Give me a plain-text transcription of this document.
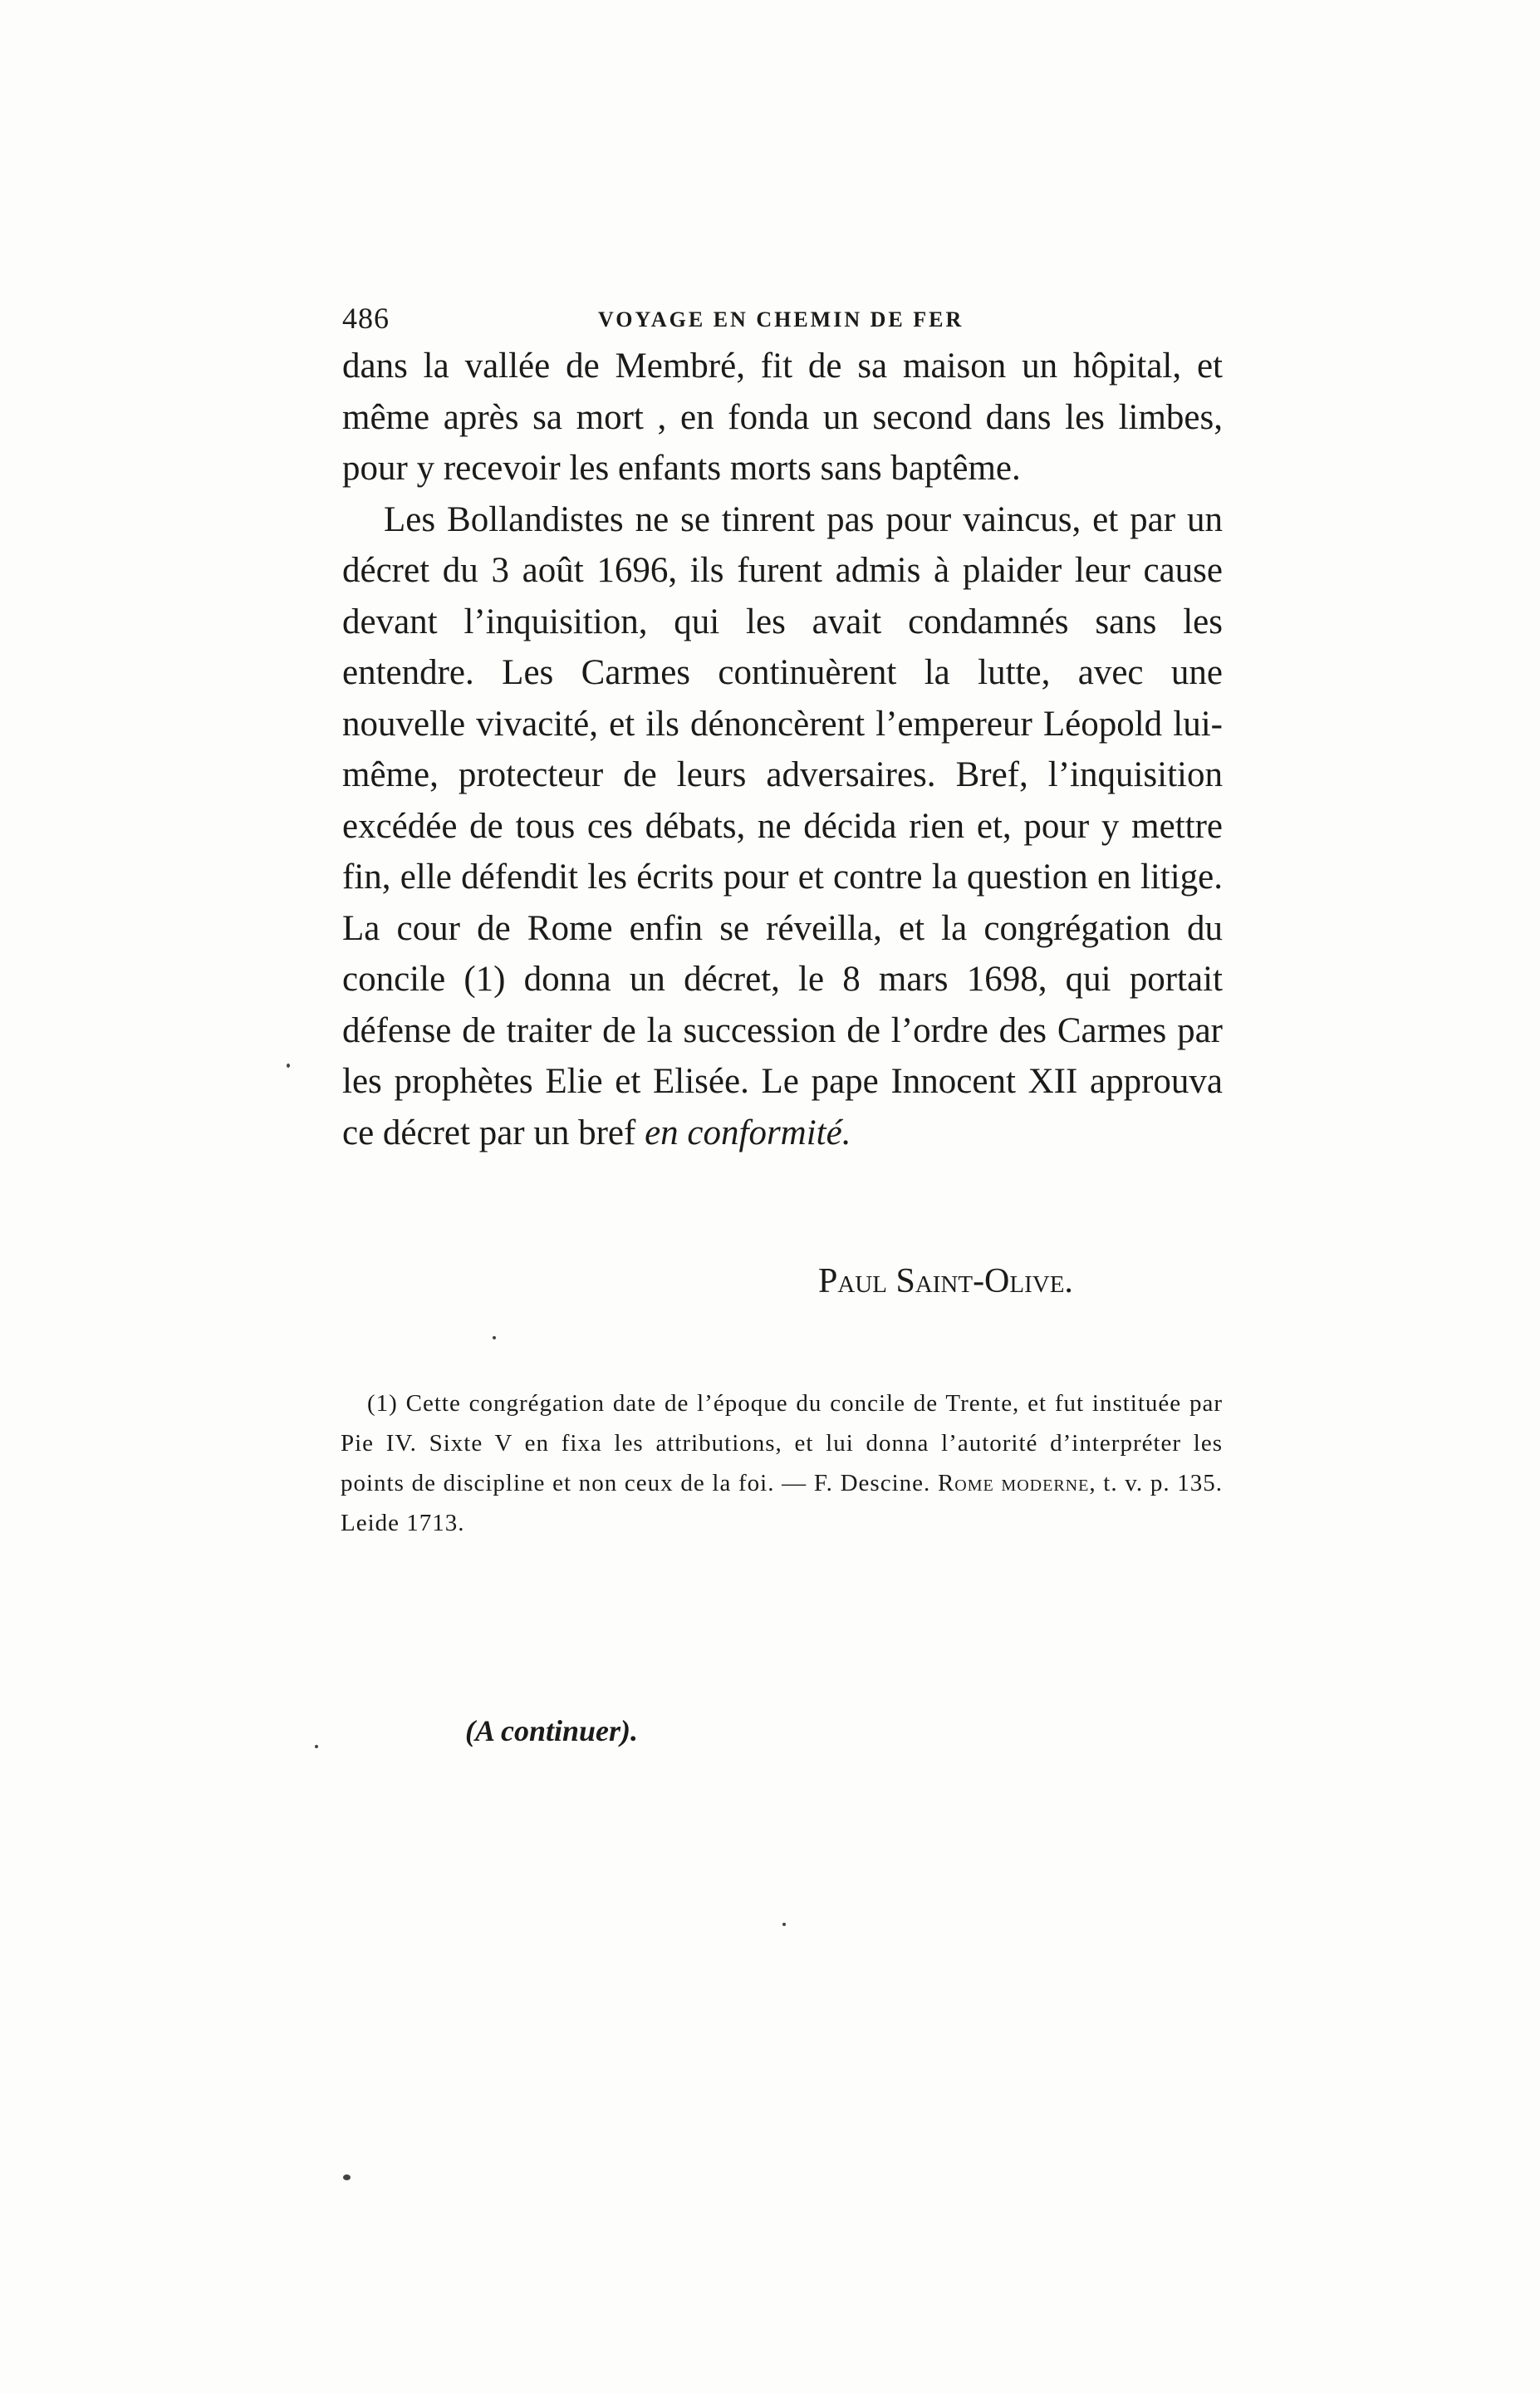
486	VOYAGE EN CHEMIN DE FER

dans la vallée de Membré, fit de sa maison un hôpital, et même après sa mort , en fonda un second dans les limbes, pour y recevoir les enfants morts sans baptême.

Les Bollandistes ne se tinrent pas pour vaincus, et par un décret du 3 août 1696, ils furent admis à plaider leur cause devant l’inquisition, qui les avait condamnés sans les entendre. Les Carmes continuèrent la lutte, avec une nouvelle vivacité, et ils dénoncèrent l’empereur Léopold lui-même, protecteur de leurs adversaires. Bref, l’inquisition excédée de tous ces débats, ne décida rien et, pour y mettre fin, elle défendit les écrits pour et contre la question en litige. La cour de Rome enfin se réveilla, et la congrégation du concile (1) donna un décret, le 8 mars 1698, qui portait défense de traiter de la succession de l’ordre des Carmes par les prophètes Elie et Elisée. Le pape Innocent XII approuva ce décret par un bref en conformité.

Paul Saint-Olive.

(1) Cette congrégation date de l’époque du concile de Trente, et fut instituée par Pie IV. Sixte V en fixa les attributions, et lui donna l’autorité d’interpréter les points de discipline et non ceux de la foi. — F. Descine. Rome moderne, t. v. p. 135. Leide 1713.

(A continuer).
